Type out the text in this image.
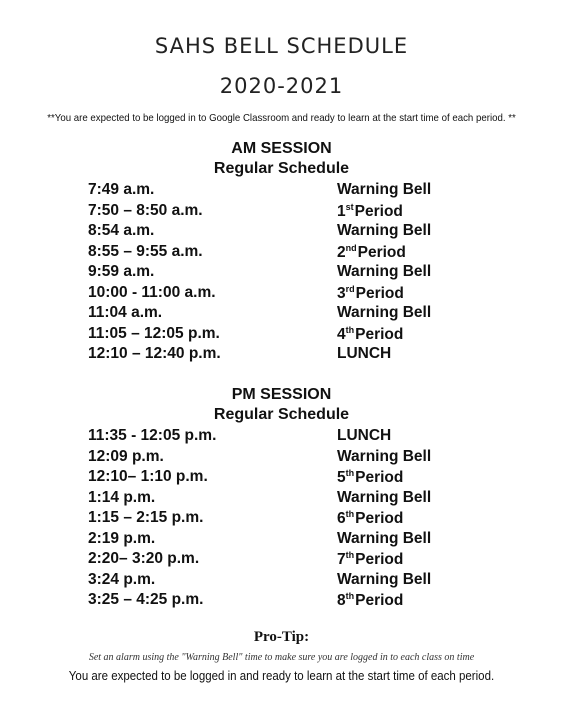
SAHS BELL SCHEDULE
2020-2021
**You are expected to be logged in to Google Classroom and ready to learn at the start time of each period. **
AM SESSION
Regular Schedule
7:49 a.m.	Warning Bell
7:50 – 8:50 a.m.	1stPeriod
8:54 a.m.	Warning Bell
8:55 – 9:55 a.m.	2ndPeriod
9:59 a.m.	Warning Bell
10:00 - 11:00 a.m.	3rdPeriod
11:04 a.m.	Warning Bell
11:05 – 12:05 p.m.	4thPeriod
12:10 – 12:40 p.m.	LUNCH
PM SESSION
Regular Schedule
11:35 - 12:05 p.m.	LUNCH
12:09 p.m.	Warning Bell
12:10– 1:10 p.m.	5thPeriod
1:14 p.m.	Warning Bell
1:15 – 2:15 p.m.	6thPeriod
2:19 p.m.	Warning Bell
2:20– 3:20 p.m.	7thPeriod
3:24 p.m.	Warning Bell
3:25 – 4:25 p.m.	8thPeriod
Pro-Tip:
Set an alarm using the "Warning Bell" time to make sure you are logged in to each class on time
You are expected to be logged in and ready to learn at the start time of each period.
